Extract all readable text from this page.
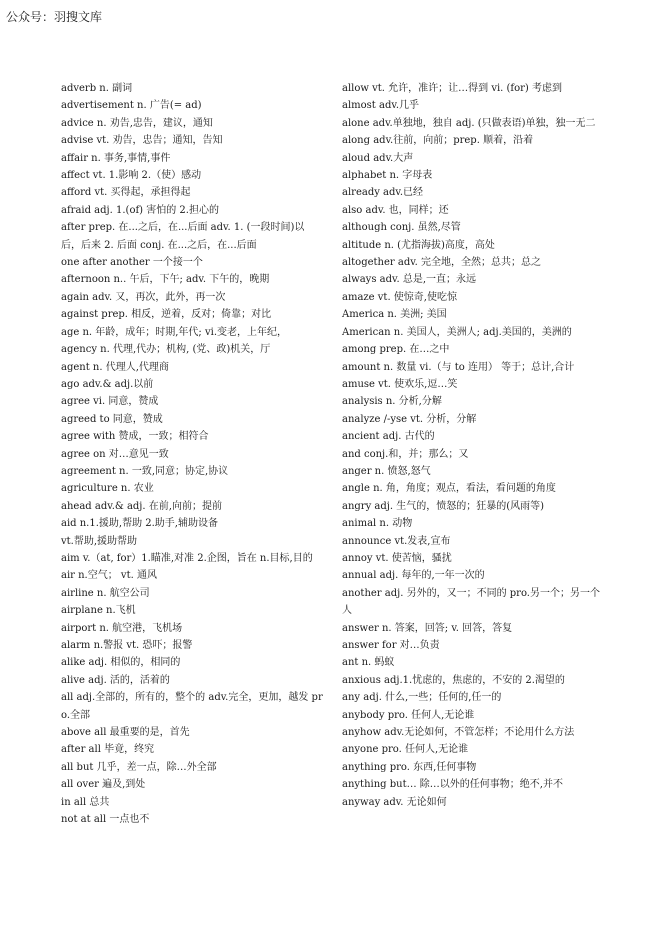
公众号：羽搜文库

adverb n. 副词

advertisement n. 广告(= ad)

advice n. 劝告,忠告，建议，通知

advise vt. 劝告，忠告；通知，告知

affair n. 事务,事情,事件

affect vt. 1.影响 2.（使）感动

afford vt. 买得起，承担得起

afraid adj. 1.(of) 害怕的 2.担心的

after prep. 在...之后，在...后面 adv. 1. (一段时间)以后，后来 2. 后面 conj. 在...之后，在...后面

one after another 一个接一个

afternoon n.. 午后，下午; adv. 下午的，晚期

again adv. 又，再次，此外，再一次

against prep. 相反，逆着，反对；倚靠；对比

age n. 年龄，成年；时期,年代; vi.变老，上年纪，

agency n. 代理,代办；机构, (党、政)机关，厅

agent n. 代理人,代理商

ago adv.& adj.以前

agree vi. 同意，赞成

agreed to 同意，赞成

agree with 赞成，一致；相符合

agree on 对…意见一致

agreement n. 一致,同意；协定,协议

agriculture n. 农业

ahead adv.& adj. 在前,向前；提前

aid n.1.援助,帮助 2.助手,辅助设备

vt.帮助,援助帮助

aim v.（at, for）1.瞄准,对准 2.企图，旨在 n.目标,目的

air n.空气； vt. 通风

airline n. 航空公司

airplane n.飞机

airport n. 航空港，飞机场

alarm n.警报 vt. 恐吓；报警

alike adj. 相似的，相同的

alive adj. 活的，活着的

all adj.全部的，所有的，整个的 adv.完全，更加，越发 pro.全部

above all 最重要的是，首先

after all 毕竟，终究

all but 几乎，差一点，除…外全部

all over 遍及,到处

in all 总共

not at all 一点也不

allow vt. 允许，准许；让…得到 vi. (for) 考虑到

almost adv.几乎

alone adv.单独地，独自 adj. (只做表语)单独，独一无二

along adv.往前，向前；prep. 顺着，沿着

aloud adv.大声

alphabet n. 字母表

already adv.已经

also adv. 也，同样；还

although conj. 虽然,尽管

altitude n. (尤指海拔)高度，高处

altogether adv. 完全地，全然；总共；总之

always adv. 总是,一直；永远

amaze vt. 使惊奇,使吃惊

America n. 美洲; 美国

American n. 美国人，美洲人; adj.美国的，美洲的

among prep. 在…之中

amount n. 数量 vi.（与 to 连用） 等于；总计,合计

amuse vt. 使欢乐,逗…笑

analysis n. 分析,分解

analyze /-yse vt. 分析，分解

ancient adj. 古代的

and conj.和，并；那么；又

anger n. 愤怒,怒气

angle n. 角，角度；观点，看法，看问题的角度

angry adj. 生气的，愤怒的；狂暴的(风雨等)

animal n. 动物

announce vt.发表,宣布

annoy vt. 使苦恼，骚扰

annual adj. 每年的,一年一次的

another adj. 另外的，又一；不同的 pro.另一个；另一个人

answer n. 答案，回答; v. 回答，答复

answer for 对…负责

ant n. 蚂蚁

anxious adj.1.忧虑的，焦虑的，不安的 2.渴望的

any adj. 什么,一些；任何的,任一的

anybody pro. 任何人,无论谁

anyhow adv.无论如何，不管怎样；不论用什么方法

anyone pro. 任何人,无论谁

anything pro. 东西,任何事物

anything but… 除…以外的任何事物；绝不,并不

anyway adv. 无论如何
